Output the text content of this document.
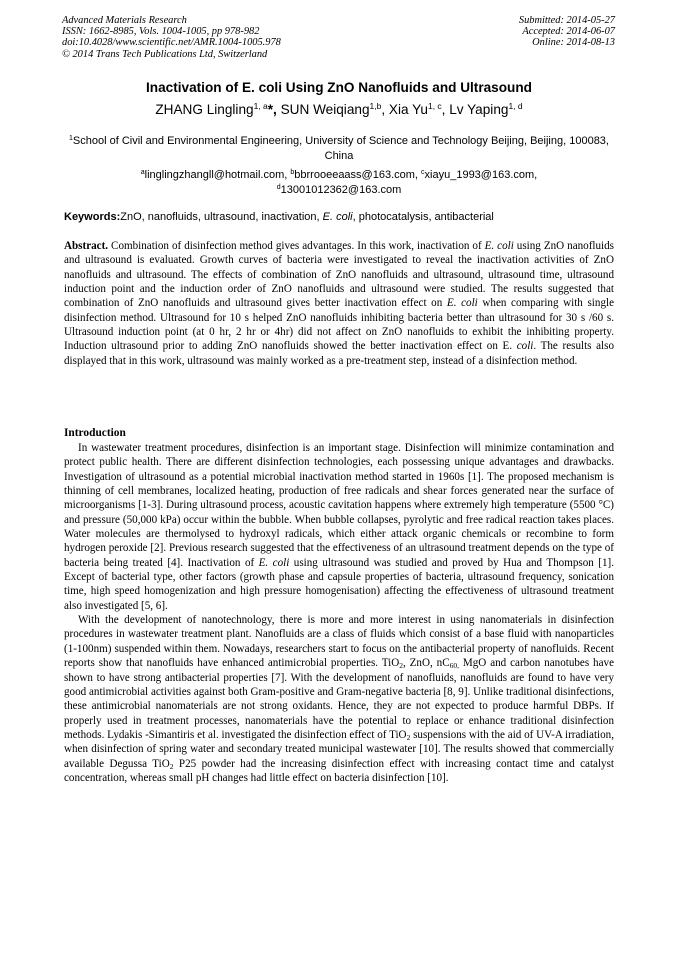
Advanced Materials Research
ISSN: 1662-8985, Vols. 1004-1005, pp 978-982
doi:10.4028/www.scientific.net/AMR.1004-1005.978
© 2014 Trans Tech Publications Ltd, Switzerland
Submitted: 2014-05-27
Accepted: 2014-06-07
Online: 2014-08-13
Inactivation of E. coli Using ZnO Nanofluids and Ultrasound
ZHANG Lingling$^{1, a}$*, SUN Weiqiang$^{1,b}$, Xia Yu$^{1, c}$, Lv Yaping$^{1, d}$
$^1$School of Civil and Environmental Engineering, University of Science and Technology Beijing, Beijing, 100083, China
$^a$linglingzhangll@hotmail.com, $^b$bbrrooeeaass@163.com, $^c$xiayu_1993@163.com,
$^d$13001012362@163.com
Keywords:ZnO, nanofluids, ultrasound, inactivation, E. coli, photocatalysis, antibacterial

Abstract. Combination of disinfection method gives advantages. In this work, inactivation of E. coli using ZnO nanofluids and ultrasound is evaluated. Growth curves of bacteria were investigated to reveal the inactivation activities of ZnO nanofluids and ultrasound. The effects of combination of ZnO nanofluids and ultrasound, ultrasound time, ultrasound induction point and the induction order of ZnO nanofluids and ultrasound were studied. The results suggested that combination of ZnO nanofluids and ultrasound gives better inactivation effect on E. coli when comparing with single disinfection method. Ultrasound for 10 s helped ZnO nanofluids inhibiting bacteria better than ultrasound for 30 s /60 s. Ultrasound induction point (at 0 hr, 2 hr or 4hr) did not affect on ZnO nanofluids to exhibit the inhibiting property. Induction ultrasound prior to adding ZnO nanofluids showed the better inactivation effect on E. coli. The results also displayed that in this work, ultrasound was mainly worked as a pre-treatment step, instead of a disinfection method.

Introduction

In wastewater treatment procedures, disinfection is an important stage. Disinfection will minimize contamination and protect public health. There are different disinfection technologies, each possessing unique advantages and drawbacks. Investigation of ultrasound as a potential microbial inactivation method started in 1960s [1]. The proposed mechanism is thinning of cell membranes, localized heating, production of free radicals and shear forces generated near the surface of microorganisms [1-3]. During ultrasound process, acoustic cavitation happens where extremely high temperature (5500 °C) and pressure (50,000 kPa) occur within the bubble. When bubble collapses, pyrolytic and free radical reaction takes places. Water molecules are thermolysed to hydroxyl radicals, which either attack organic chemicals or recombine to form hydrogen peroxide [2]. Previous research suggested that the effectiveness of an ultrasound treatment depends on the type of bacteria being treated [4]. Inactivation of E. coli using ultrasound was studied and proved by Hua and Thompson [1]. Except of bacterial type, other factors (growth phase and capsule properties of bacteria, ultrasound frequency, sonication time, high speed homogenization and high pressure homogenisation) affecting the effectiveness of ultrasound treatment also investigated [5, 6].

With the development of nanotechnology, there is more and more interest in using nanomaterials in disinfection procedures in wastewater treatment plant. Nanofluids are a class of fluids which consist of a base fluid with nanoparticles (1-100nm) suspended within them. Nowadays, researchers start to focus on the antibacterial property of nanofluids. Recent reports show that nanofluids have enhanced antimicrobial properties. TiO$_2$, ZnO, $nC_{60,}$ MgO and carbon nanotubes have shown to have strong antibacterial properties [7]. With the development of nanofluids, nanofluids are found to have very good antimicrobial activities against both Gram-positive and Gram-negative bacteria [8, 9]. Unlike traditional disinfections, these antimicrobial nanomaterials are not strong oxidants. Hence, they are not expected to produce harmful DBPs. If properly used in treatment processes, nanomaterials have the potential to replace or enhance traditional disinfection methods. Lydakis -Simantiris et al. investigated the disinfection effect of TiO$_2$ suspensions with the aid of UV-A irradiation, when disinfection of spring water and secondary treated municipal wastewater [10]. The results showed that commercially available Degussa TiO$_2$ P25 powder had the increasing disinfection effect with increasing contact time and catalyst concentration, whereas small pH changes had little effect on bacteria disinfection [10].
